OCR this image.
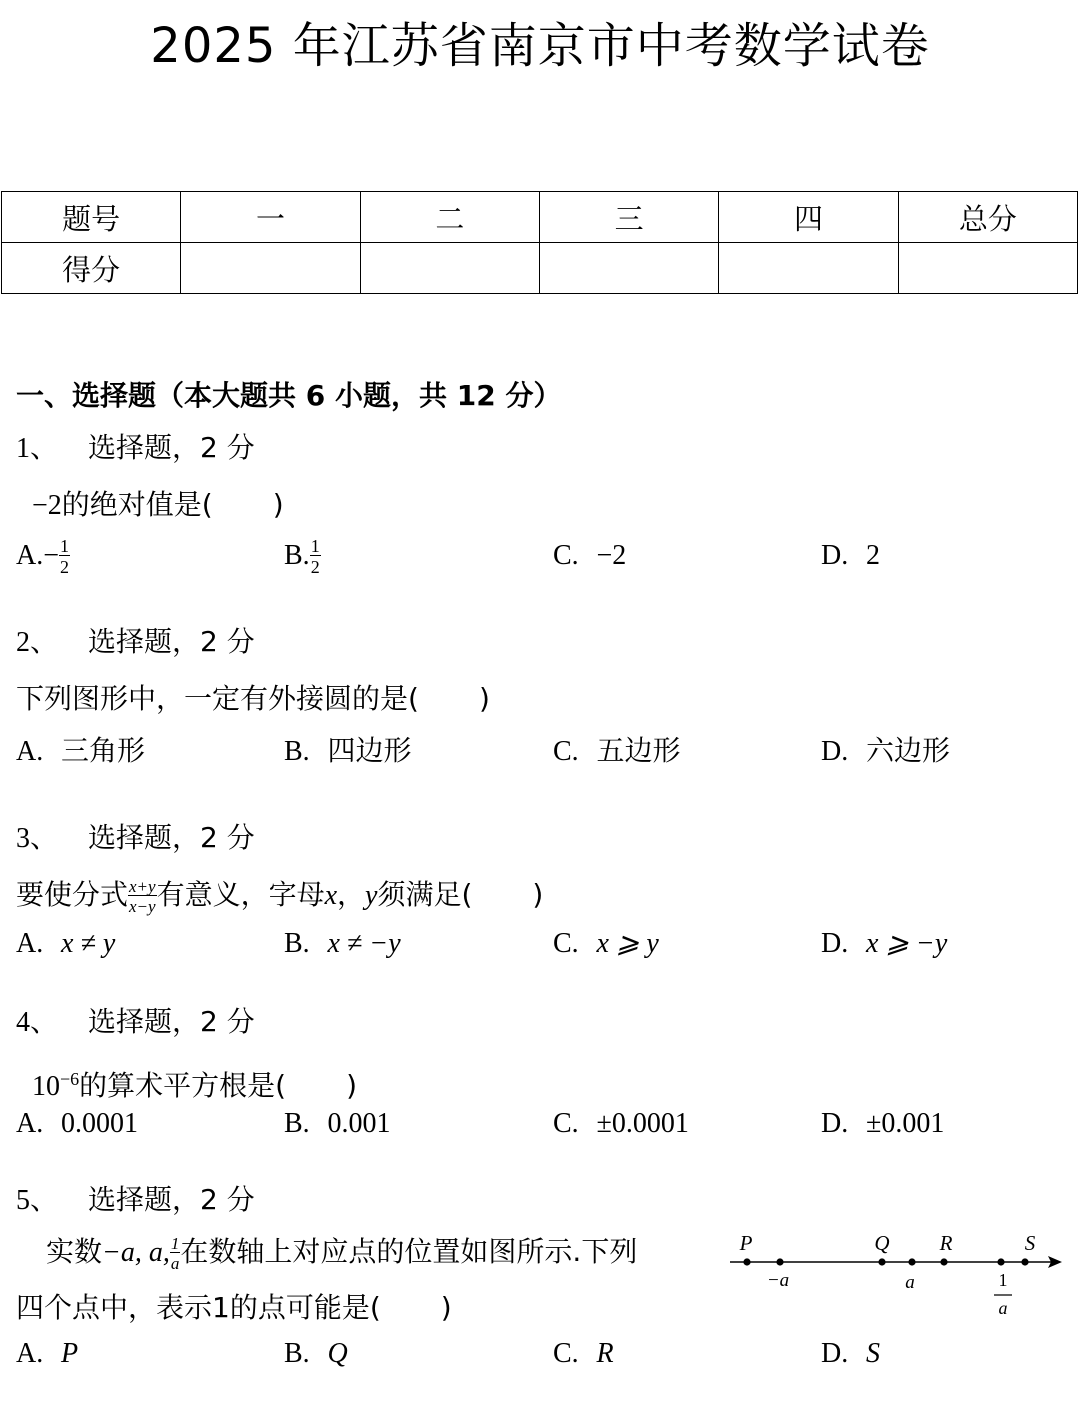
2025 年江苏省南京市中考数学试卷
题号	一	二	三	四	总分
得分					
一、选择题（本大题共 6 小题，共 12 分）
1、 选择题，2 分
−2的绝对值是( )
$A.- \frac{1}{2}$	B. $\frac{1}{2}$	C. −2	D. 2
2、 选择题，2 分
下列图形中，一定有外接圆的是( )
A. 三角形	B. 四边形	C. 五边形	D. 六边形
3、 选择题，2 分
要使分式 $\frac{x+y}{x-y}$ 有意义，字母x，y须满足( )
A. x ≠ y	B. x ≠ −y	C. x ⩾ y	D. x ⩾ −y
4、 选择题，2 分
$10^{-6}$的算术平方根是( )
A. 0.0001	B. 0.001	C. ±0.0001	D. ±0.001
5、 选择题，2 分
实数−a, a, $\frac{1}{a}$ 在数轴上对应点的位置如图所示.下列
四个点中，表示1的点可能是( )
P	Q R	S
−a	a	1
a
A. P	B. Q	C. R	D. S
